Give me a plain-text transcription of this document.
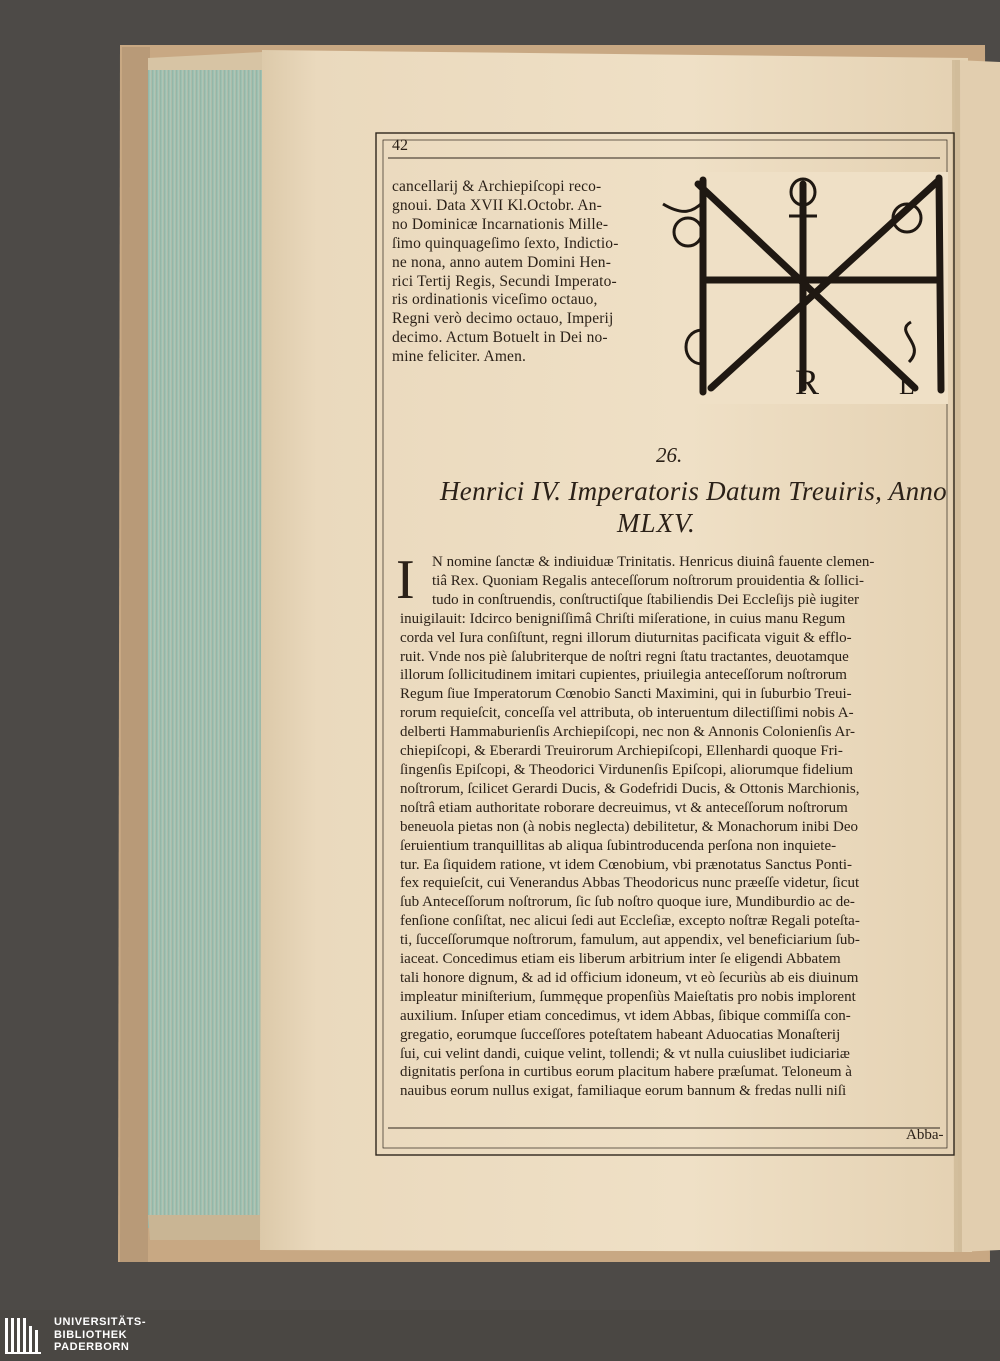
R	L
42
cancellarij & Archiepiſcopi reco-
gnoui. Data XVII Kl.Octobr. An-
no Dominicæ Incarnationis Mille-
ſimo quinquageſimo ſexto, Indictio-
ne nona, anno autem Domini Hen-
rici Tertij Regis, Secundi Imperato-
ris ordinationis viceſimo octauo,
Regni verò decimo octauo, Imperij
decimo. Actum Botuelt in Dei no-
mine feliciter. Amen.
26.
Henrici IV. Imperatoris Datum Treuiris, Anno
MLXV.
I	N nomine ſanctæ & indiuiduæ Trinitatis. Henricus diuinâ fauente clemen-
tiâ Rex. Quoniam Regalis anteceſſorum noſtrorum prouidentia & ſollici-
tudo in conſtruendis, conſtructiſque ſtabiliendis Dei Eccleſijs piè iugiter
inuigilauit: Idcirco benigniſſimâ Chriſti miſeratione, in cuius manu Regum
corda vel Iura conſiſtunt, regni illorum diuturnitas pacificata viguit & efflo-
ruit. Vnde nos piè ſalubriterque de noſtri regni ſtatu tractantes, deuotamque
illorum ſollicitudinem imitari cupientes, priuilegia anteceſſorum noſtrorum
Regum ſiue Imperatorum Cœnobio Sancti Maximini, qui in ſuburbio Treui-
rorum requieſcit, conceſſa vel attributa, ob interuentum dilectiſſimi nobis A-
delberti Hammaburienſis Archiepiſcopi, nec non & Annonis Colonienſis Ar-
chiepiſcopi, & Eberardi Treuirorum Archiepiſcopi, Ellenhardi quoque Fri-
ſingenſis Epiſcopi, & Theodorici Virdunenſis Epiſcopi, aliorumque fidelium
noſtrorum, ſcilicet Gerardi Ducis, & Godefridi Ducis, & Ottonis Marchionis,
noſtrâ etiam authoritate roborare decreuimus, vt & anteceſſorum noſtrorum
beneuola pietas non (à nobis neglecta) debilitetur, & Monachorum inibi Deo
ſeruientium tranquillitas ab aliqua ſubintroducenda perſona non inquiete-
tur. Ea ſiquidem ratione, vt idem Cœnobium, vbi prænotatus Sanctus Ponti-
fex requieſcit, cui Venerandus Abbas Theodoricus nunc præeſſe videtur, ſicut
ſub Anteceſſorum noſtrorum, ſic ſub noſtro quoque iure, Mundiburdio ac de-
fenſione conſiſtat, nec alicui ſedi aut Eccleſiæ, excepto noſtræ Regali poteſta-
ti, ſucceſſorumque noſtrorum, famulum, aut appendix, vel beneficiarium ſub-
iaceat. Concedimus etiam eis liberum arbitrium inter ſe eligendi Abbatem
tali honore dignum, & ad id officium idoneum, vt eò ſecuriùs ab eis diuinum
impleatur miniſterium, ſummęque propenſiùs Maieſtatis pro nobis implorent
auxilium. Inſuper etiam concedimus, vt idem Abbas, ſibique commiſſa con-
gregatio, eorumque ſucceſſores poteſtatem habeant Aduocatias Monaſterij
ſui, cui velint dandi, cuique velint, tollendi; & vt nulla cuiuslibet iudiciariæ
dignitatis perſona in curtibus eorum placitum habere præſumat. Teloneum à
nauibus eorum nullus exigat, familiaque eorum bannum & fredas nulli niſi
Abba-
UNIVERSITÄTS-
BIBLIOTHEK
PADERBORN
